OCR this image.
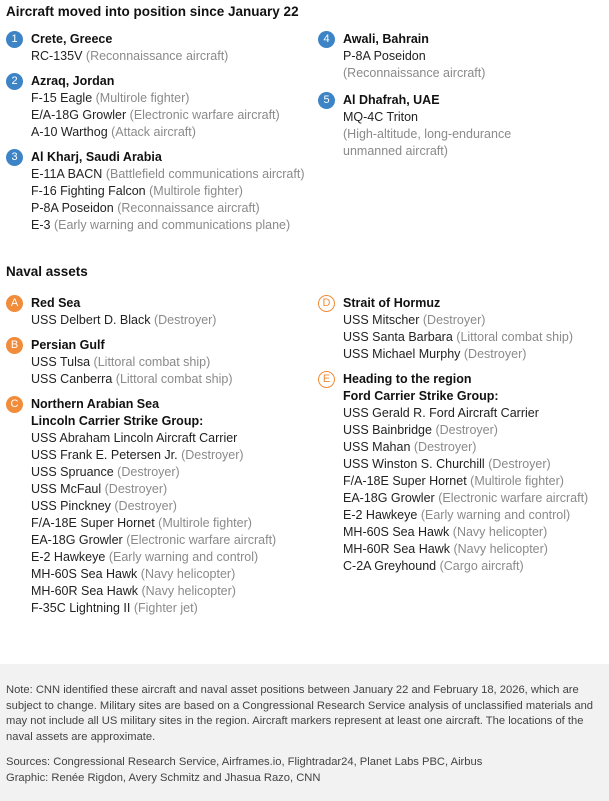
Aircraft moved into position since January 22
1	Crete, Greece
RC-135V (Reconnaissance aircraft)
2	Azraq, Jordan
F-15 Eagle (Multirole fighter)
E/A-18G Growler (Electronic warfare aircraft)
A-10 Warthog (Attack aircraft)
3	Al Kharj, Saudi Arabia
E-11A BACN (Battlefield communications aircraft)
F-16 Fighting Falcon (Multirole fighter)
P-8A Poseidon (Reconnaissance aircraft)
E-3 (Early warning and communications plane)
4	Awali, Bahrain
P-8A Poseidon
(Reconnaissance aircraft)
5	Al Dhafrah, UAE
MQ-4C Triton
(High-altitude, long-endurance unmanned aircraft)
Naval assets
A	Red Sea
USS Delbert D. Black (Destroyer)
B	Persian Gulf
USS Tulsa (Littoral combat ship)
USS Canberra (Littoral combat ship)
C	Northern Arabian Sea
Lincoln Carrier Strike Group:
USS Abraham Lincoln Aircraft Carrier
USS Frank E. Petersen Jr. (Destroyer)
USS Spruance (Destroyer)
USS McFaul (Destroyer)
USS Pinckney (Destroyer)
F/A-18E Super Hornet (Multirole fighter)
EA-18G Growler (Electronic warfare aircraft)
E-2 Hawkeye (Early warning and control)
MH-60S Sea Hawk (Navy helicopter)
MH-60R Sea Hawk (Navy helicopter)
F-35C Lightning II (Fighter jet)
D	Strait of Hormuz
USS Mitscher (Destroyer)
USS Santa Barbara (Littoral combat ship)
USS Michael Murphy (Destroyer)
E	Heading to the region
Ford Carrier Strike Group:
USS Gerald R. Ford Aircraft Carrier
USS Bainbridge (Destroyer)
USS Mahan (Destroyer)
USS Winston S. Churchill (Destroyer)
F/A-18E Super Hornet (Multirole fighter)
EA-18G Growler (Electronic warfare aircraft)
E-2 Hawkeye (Early warning and control)
MH-60S Sea Hawk (Navy helicopter)
MH-60R Sea Hawk (Navy helicopter)
C-2A Greyhound (Cargo aircraft)
Note: CNN identified these aircraft and naval asset positions between January 22 and February 18, 2026, which are subject to change. Military sites are based on a Congressional Research Service analysis of unclassified materials and may not include all US military sites in the region. Aircraft markers represent at least one aircraft. The locations of the naval assets are approximate.
Sources: Congressional Research Service, Airframes.io, Flightradar24, Planet Labs PBC, Airbus
Graphic: Renée Rigdon, Avery Schmitz and Jhasua Razo, CNN
